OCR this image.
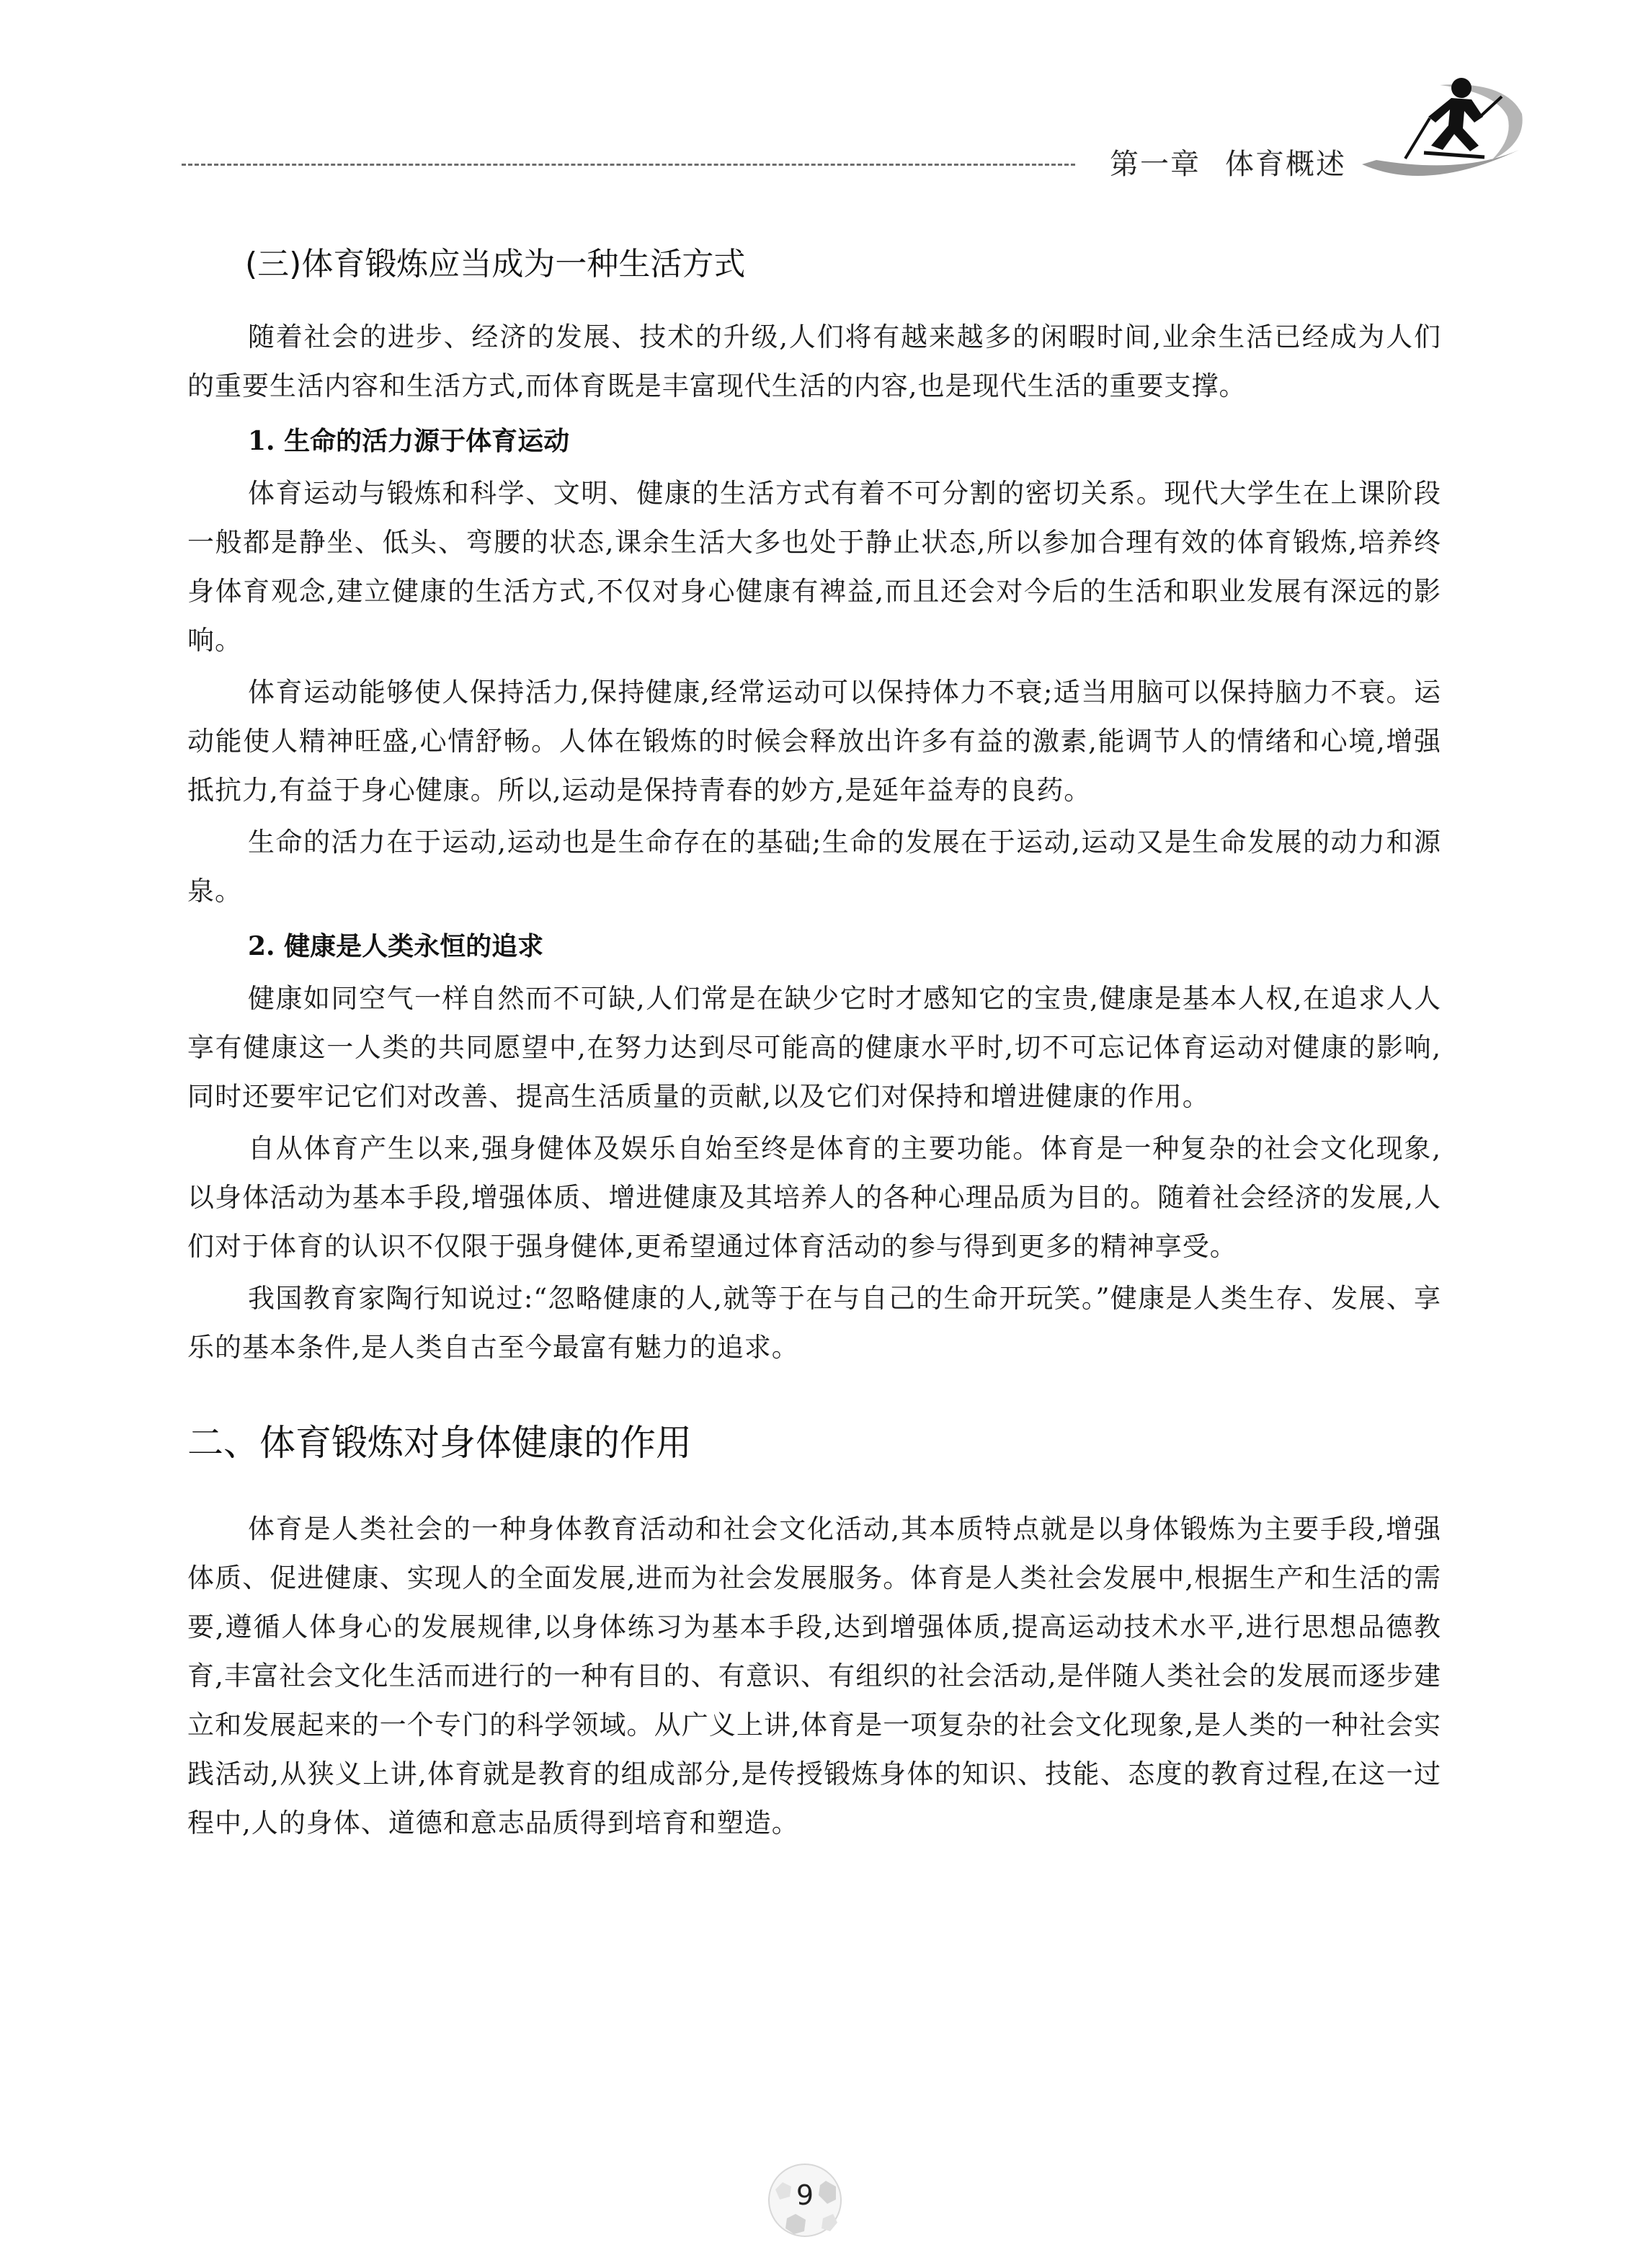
第一章 体育概述
(三)体育锻炼应当成为一种生活方式

随着社会的进步、经济的发展、技术的升级,人们将有越来越多的闲暇时间,业余生活已经成为人们的重要生活内容和生活方式,而体育既是丰富现代生活的内容,也是现代生活的重要支撑。

1. 生命的活力源于体育运动

体育运动与锻炼和科学、文明、健康的生活方式有着不可分割的密切关系。现代大学生在上课阶段一般都是静坐、低头、弯腰的状态,课余生活大多也处于静止状态,所以参加合理有效的体育锻炼,培养终身体育观念,建立健康的生活方式,不仅对身心健康有裨益,而且还会对今后的生活和职业发展有深远的影响。

体育运动能够使人保持活力,保持健康,经常运动可以保持体力不衰;适当用脑可以保持脑力不衰。运动能使人精神旺盛,心情舒畅。人体在锻炼的时候会释放出许多有益的激素,能调节人的情绪和心境,增强抵抗力,有益于身心健康。所以,运动是保持青春的妙方,是延年益寿的良药。

生命的活力在于运动,运动也是生命存在的基础;生命的发展在于运动,运动又是生命发展的动力和源泉。

2. 健康是人类永恒的追求

健康如同空气一样自然而不可缺,人们常是在缺少它时才感知它的宝贵,健康是基本人权,在追求人人享有健康这一人类的共同愿望中,在努力达到尽可能高的健康水平时,切不可忘记体育运动对健康的影响,同时还要牢记它们对改善、提高生活质量的贡献,以及它们对保持和增进健康的作用。

自从体育产生以来,强身健体及娱乐自始至终是体育的主要功能。体育是一种复杂的社会文化现象,以身体活动为基本手段,增强体质、增进健康及其培养人的各种心理品质为目的。随着社会经济的发展,人们对于体育的认识不仅限于强身健体,更希望通过体育活动的参与得到更多的精神享受。

我国教育家陶行知说过:“忽略健康的人,就等于在与自己的生命开玩笑。”健康是人类生存、发展、享乐的基本条件,是人类自古至今最富有魅力的追求。

二、体育锻炼对身体健康的作用

体育是人类社会的一种身体教育活动和社会文化活动,其本质特点就是以身体锻炼为主要手段,增强体质、促进健康、实现人的全面发展,进而为社会发展服务。体育是人类社会发展中,根据生产和生活的需要,遵循人体身心的发展规律,以身体练习为基本手段,达到增强体质,提高运动技术水平,进行思想品德教育,丰富社会文化生活而进行的一种有目的、有意识、有组织的社会活动,是伴随人类社会的发展而逐步建立和发展起来的一个专门的科学领域。从广义上讲,体育是一项复杂的社会文化现象,是人类的一种社会实践活动,从狭义上讲,体育就是教育的组成部分,是传授锻炼身体的知识、技能、态度的教育过程,在这一过程中,人的身体、道德和意志品质得到培育和塑造。

9
